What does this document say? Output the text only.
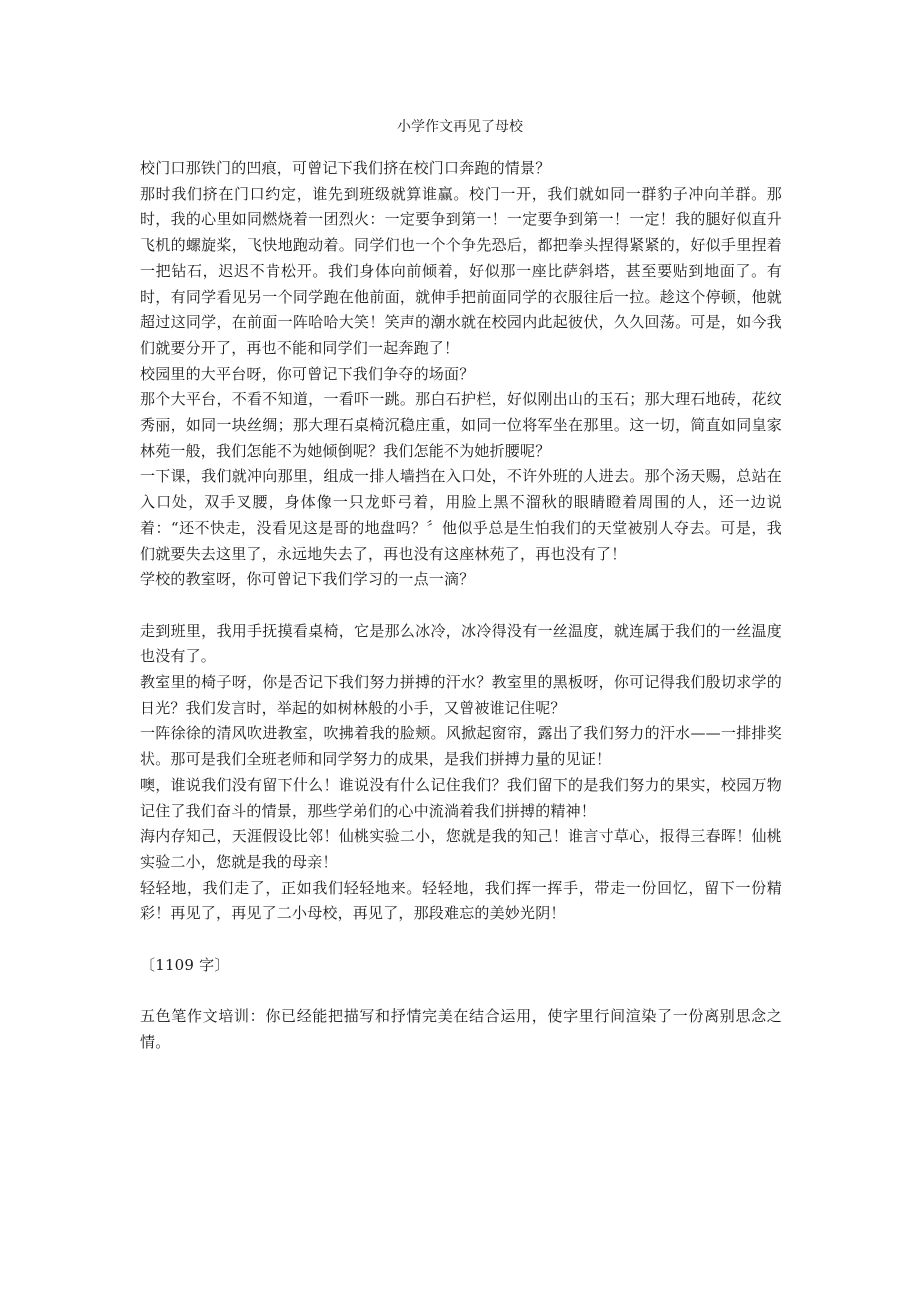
小学作文再见了母校

校门口那铁门的凹痕，可曾记下我们挤在校门口奔跑的情景？

那时我们挤在门口约定，谁先到班级就算谁赢。校门一开，我们就如同一群豹子冲向羊群。那时，我的心里如同燃烧着一团烈火：一定要争到第一！一定要争到第一！一定！我的腿好似直升飞机的螺旋桨，飞快地跑动着。同学们也一个个争先恐后，都把拳头捏得紧紧的，好似手里捏着一把钻石，迟迟不肯松开。我们身体向前倾着，好似那一座比萨斜塔，甚至要贴到地面了。有时，有同学看见另一个同学跑在他前面，就伸手把前面同学的衣服往后一拉。趁这个停顿，他就超过这同学，在前面一阵哈哈大笑！笑声的潮水就在校园内此起彼伏，久久回荡。可是，如今我们就要分开了，再也不能和同学们一起奔跑了！

校园里的大平台呀，你可曾记下我们争夺的场面？

那个大平台，不看不知道，一看吓一跳。那白石护栏，好似刚出山的玉石；那大理石地砖，花纹秀丽，如同一块丝绸；那大理石桌椅沉稳庄重，如同一位将军坐在那里。这一切，简直如同皇家林苑一般，我们怎能不为她倾倒呢？我们怎能不为她折腰呢？

一下课，我们就冲向那里，组成一排人墙挡在入口处，不许外班的人进去。那个汤天赐，总站在入口处，双手叉腰，身体像一只龙虾弓着，用脸上黑不溜秋的眼睛瞪着周围的人，还一边说着：“还不快走，没看见这是哥的地盘吗？〞他似乎总是生怕我们的天堂被别人夺去。可是，我们就要失去这里了，永远地失去了，再也没有这座林苑了，再也没有了！

学校的教室呀，你可曾记下我们学习的一点一滴？

走到班里，我用手抚摸看桌椅，它是那么冰冷，冰冷得没有一丝温度，就连属于我们的一丝温度也没有了。

教室里的椅子呀，你是否记下我们努力拼搏的汗水？教室里的黑板呀，你可记得我们殷切求学的日光？我们发言时，举起的如树林般的小手，又曾被谁记住呢？

一阵徐徐的清风吹进教室，吹拂着我的脸颊。风掀起窗帘，露出了我们努力的汗水——一排排奖状。那可是我们全班老师和同学努力的成果，是我们拼搏力量的见证！

噢，谁说我们没有留下什么！谁说没有什么记住我们？我们留下的是我们努力的果实，校园万物记住了我们奋斗的情景，那些学弟们的心中流淌着我们拼搏的精神！

海内存知己，天涯假设比邻！仙桃实验二小，您就是我的知己！谁言寸草心，报得三春晖！仙桃实验二小，您就是我的母亲！

轻轻地，我们走了，正如我们轻轻地来。轻轻地，我们挥一挥手，带走一份回忆，留下一份精彩！再见了，再见了二小母校，再见了，那段难忘的美妙光阴！

〔1109 字〕

五色笔作文培训：你已经能把描写和抒情完美在结合运用，使字里行间渲染了一份离别思念之情。
